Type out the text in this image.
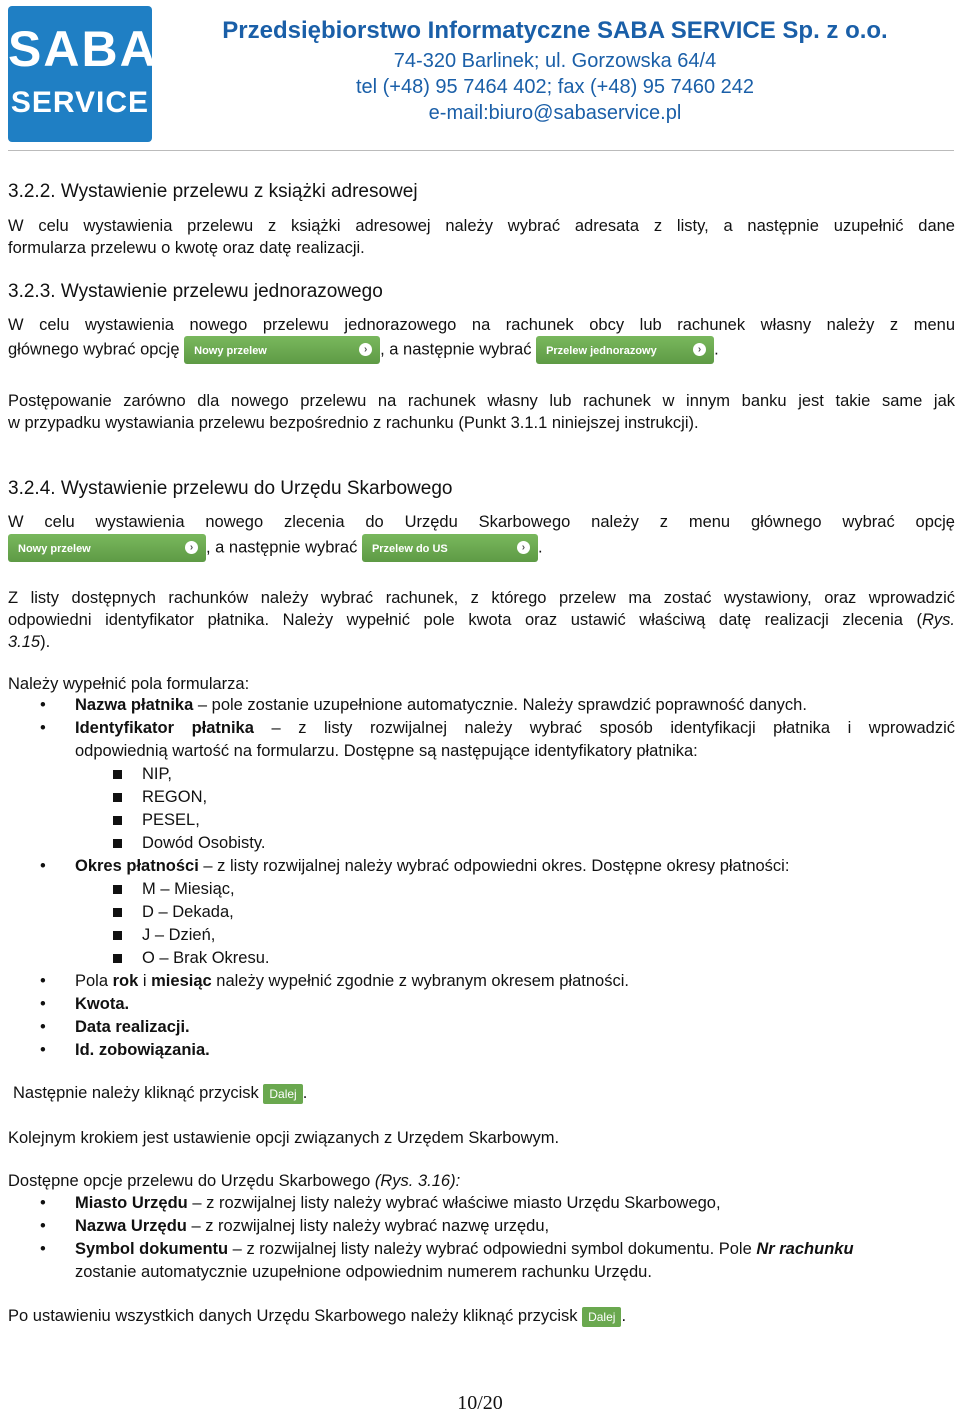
SABA
SERVICE
Przedsiębiorstwo Informatyczne SABA SERVICE Sp. z o.o.
74-320 Barlinek; ul. Gorzowska 64/4
tel (+48) 95 7464 402; fax (+48) 95 7460 242
e-mail:biuro@sabaservice.pl
3.2.2. Wystawienie przelewu z książki adresowej
W celu wystawienia przelewu z książki adresowej należy wybrać adresata z listy, a następnie uzupełnić dane
formularza przelewu o kwotę oraz datę realizacji.
3.2.3. Wystawienie przelewu jednorazowego
W celu wystawienia nowego przelewu jednorazowego na rachunek obcy lub rachunek własny należy z menu
głównego wybrać opcję Nowy przelew	› , a następnie wybrać Przelew jednorazowy	› .
Postępowanie zarówno dla nowego przelewu na rachunek własny lub rachunek w innym banku jest takie same jak
w przypadku wystawiania przelewu bezpośrednio z rachunku (Punkt 3.1.1 niniejszej instrukcji).
3.2.4. Wystawienie przelewu do Urzędu Skarbowego
W celu wystawienia nowego zlecenia do Urzędu Skarbowego należy z menu głównego wybrać opcję
Nowy przelew	› , a następnie wybrać Przelew do US	› .
Z listy dostępnych rachunków należy wybrać rachunek, z którego przelew ma zostać wystawiony, oraz wprowadzić
odpowiedni identyfikator płatnika. Należy wypełnić pole kwota oraz ustawić właściwą datę realizacji zlecenia (Rys.
3.15).
Należy wypełnić pola formularza:
• Nazwa płatnika – pole zostanie uzupełnione automatycznie. Należy sprawdzić poprawność danych.
• Identyfikator płatnika – z listy rozwijalnej należy wybrać sposób identyfikacji płatnika i wprowadzić
odpowiednią wartość na formularzu. Dostępne są następujące identyfikatory płatnika:
NIP,
REGON,
PESEL,
Dowód Osobisty.
• Okres płatności – z listy rozwijalnej należy wybrać odpowiedni okres. Dostępne okresy płatności:
M – Miesiąc,
D – Dekada,
J – Dzień,
O – Brak Okresu.
• Pola rok i miesiąc należy wypełnić zgodnie z wybranym okresem płatności.
• Kwota.
• Data realizacji.
• Id. zobowiązania.
Następnie należy kliknąć przycisk Dalej .
Kolejnym krokiem jest ustawienie opcji związanych z Urzędem Skarbowym.
Dostępne opcje przelewu do Urzędu Skarbowego (Rys. 3.16):
• Miasto Urzędu – z rozwijalnej listy należy wybrać właściwe miasto Urzędu Skarbowego,
• Nazwa Urzędu – z rozwijalnej listy należy wybrać nazwę urzędu,
• Symbol dokumentu – z rozwijalnej listy należy wybrać odpowiedni symbol dokumentu. Pole Nr rachunku
zostanie automatycznie uzupełnione odpowiednim numerem rachunku Urzędu.
Po ustawieniu wszystkich danych Urzędu Skarbowego należy kliknąć przycisk Dalej .
10/20
